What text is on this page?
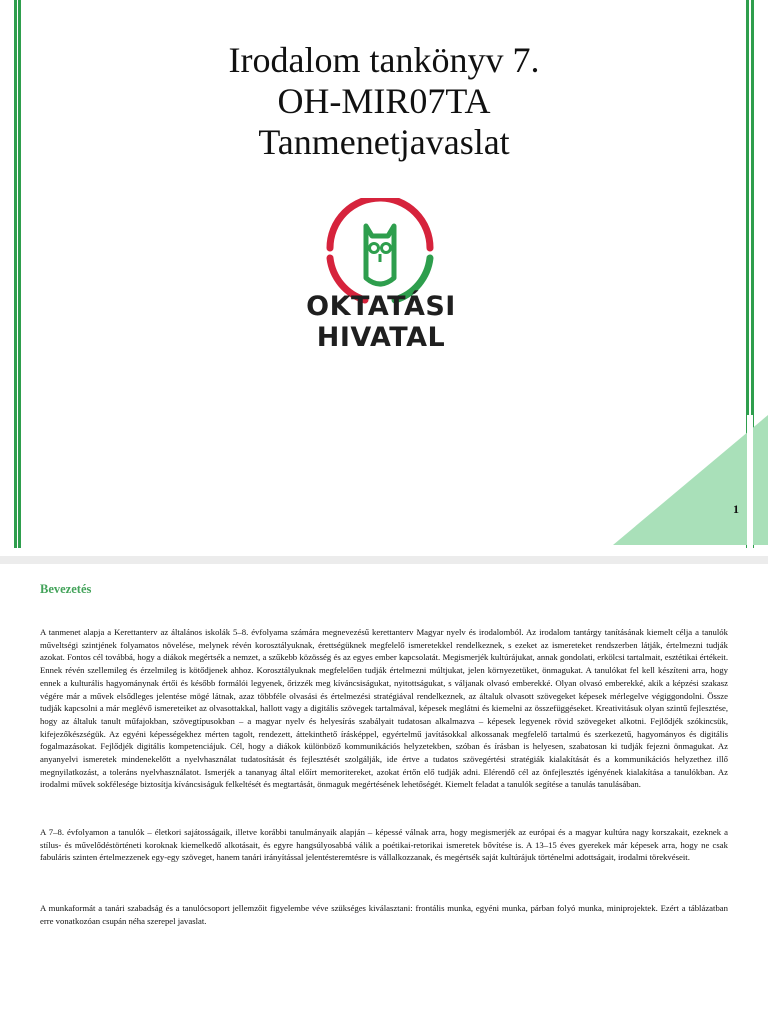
Irodalom tankönyv 7.
OH-MIR07TA
Tanmenetjavaslat
OKTATÁSI
HIVATAL
1
Bevezetés
A tanmenet alapja a Kerettanterv az általános iskolák 5–8. évfolyama számára megnevezésű kerettanterv Magyar nyelv és irodalomból. Az irodalom tantárgy tanításának kiemelt célja a tanulók műveltségi szintjének folyamatos növelése, melynek révén korosztályuknak, érettségüknek megfelelő ismeretekkel rendelkeznek, s ezeket az ismereteket rendszerben látják, értelmezni tudják azokat. Fontos cél továbbá, hogy a diákok megértsék a nemzet, a szűkebb közösség és az egyes ember kapcsolatát. Megismerjék kultúrájukat, annak gondolati, erkölcsi tartalmait, esztétikai értékeit. Ennek révén szellemileg és érzelmileg is kötődjenek ahhoz. Korosztályuknak megfelelően tudják értelmezni múltjukat, jelen környezetüket, önmagukat. A tanulókat fel kell készíteni arra, hogy ennek a kulturális hagyománynak értői és később formálói legyenek, őrizzék meg kíváncsiságukat, nyitottságukat, s váljanak olvasó emberekké. Olyan olvasó emberekké, akik a képzési szakasz végére már a művek elsődleges jelentése mögé látnak, azaz többféle olvasási és értelmezési stratégiával rendelkeznek, az általuk olvasott szövegeket képesek mérlegelve végiggondolni. Össze tudják kapcsolni a már meglévő ismereteiket az olvasottakkal, hallott vagy a digitális szövegek tartalmával, képesek meglátni és kiemelni az összefüggéseket. Kreativitásuk olyan szintű fejlesztése, hogy az általuk tanult műfajokban, szövegtípusokban – a magyar nyelv és helyesírás szabályait tudatosan alkalmazva – képesek legyenek rövid szövegeket alkotni. Fejlődjék szókincsük, kifejezőkészségük. Az egyéni képességekhez mérten tagolt, rendezett, áttekinthető írásképpel, egyértelmű javításokkal alkossanak megfelelő tartalmú és szerkezetű, hagyományos és digitális fogalmazásokat. Fejlődjék digitális kompetenciájuk. Cél, hogy a diákok különböző kommunikációs helyzetekben, szóban és írásban is helyesen, szabatosan ki tudják fejezni önmagukat. Az anyanyelvi ismeretek mindenekelőtt a nyelvhasználat tudatosítását és fejlesztését szolgálják, ide értve a tudatos szövegértési stratégiák kialakítását és a kommunikációs helyzethez illő megnyilatkozást, a toleráns nyelvhasználatot. Ismerjék a tananyag által előírt memoritereket, azokat értőn elő tudják adni. Elérendő cél az önfejlesztés igényének kialakítása a tanulókban. Az irodalmi művek sokfélesége biztosítja kíváncsiságuk felkeltését és megtartását, önmaguk megértésének lehetőségét. Kiemelt feladat a tanulók segítése a tanulás tanulásában.
A 7–8. évfolyamon a tanulók – életkori sajátosságaik, illetve korábbi tanulmányaik alapján – képessé válnak arra, hogy megismerjék az európai és a magyar kultúra nagy korszakait, ezeknek a stílus- és művelődéstörténeti koroknak kiemelkedő alkotásait, és egyre hangsúlyosabbá válik a poétikai-retorikai ismeretek bővítése is. A 13–15 éves gyerekek már képesek arra, hogy ne csak fabuláris szinten értelmezzenek egy-egy szöveget, hanem tanári irányítással jelentésteremtésre is vállalkozzanak, és megértsék saját kultúrájuk történelmi adottságait, irodalmi törekvéseit.
A munkaformát a tanári szabadság és a tanulócsoport jellemzőit figyelembe véve szükséges kiválasztani: frontális munka, egyéni munka, párban folyó munka, miniprojektek. Ezért a táblázatban erre vonatkozóan csupán néha szerepel javaslat.
